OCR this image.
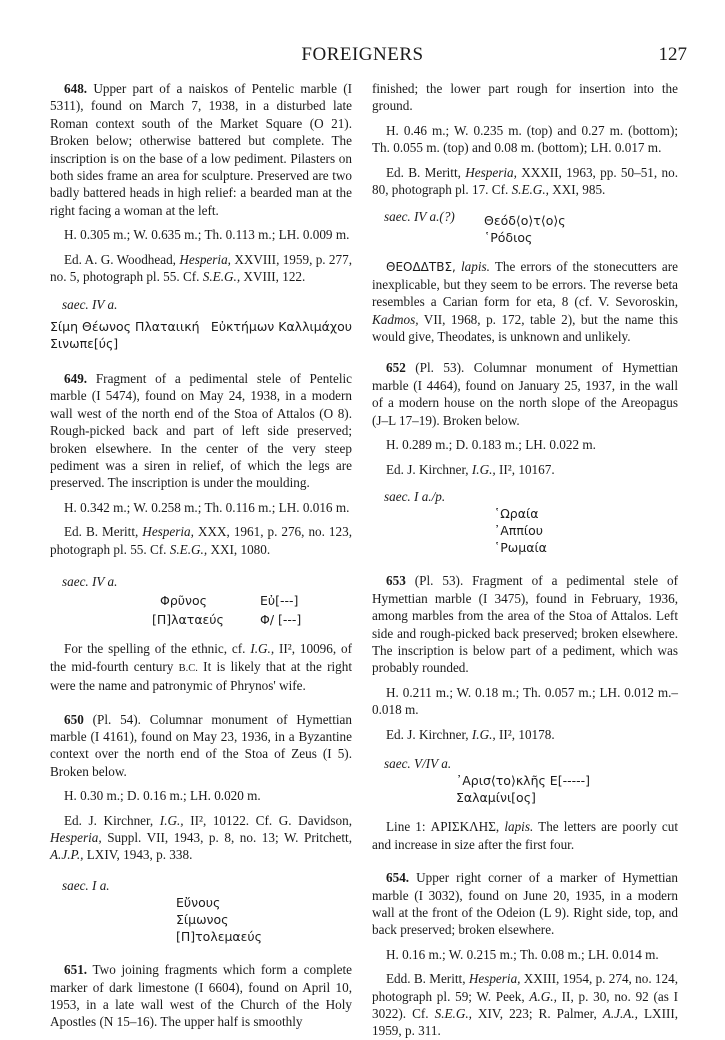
FOREIGNERS	127

648. Upper part of a naiskos of Pentelic marble (I 5311), found on March 7, 1938, in a disturbed late Roman context south of the Market Square (O 21). Broken below; otherwise battered but complete. The inscription is on the base of a low pediment. Pilasters on both sides frame an area for sculpture. Preserved are two badly battered heads in high relief: a bearded man at the right facing a woman at the left.

H. 0.305 m.; W. 0.635 m.; Th. 0.113 m.; LH. 0.009 m.

Ed. A. G. Woodhead, Hesperia, XXVIII, 1959, p. 277, no. 5, photograph pl. 55. Cf. S.E.G., XVIII, 122.

saec. IV a.

Σίμη Θέωνος Πλαταιική Εὐκτήμων Καλλιμάχου
Σινωπε[ύς]

649. Fragment of a pedimental stele of Pentelic marble (I 5474), found on May 24, 1938, in a modern wall west of the north end of the Stoa of Attalos (O 8). Rough-picked back and part of left side preserved; broken elsewhere. In the center of the very steep pediment was a siren in relief, of which the legs are preserved. The inscription is under the moulding.

H. 0.342 m.; W. 0.258 m.; Th. 0.116 m.; LH. 0.016 m.

Ed. B. Meritt, Hesperia, XXX, 1961, p. 276, no. 123, photograph pl. 55. Cf. S.E.G., XXI, 1080.

saec. IV a.

Φρῦνος	Εὐ[---]
[Π]λαταεύς	Φ/ [---]

For the spelling of the ethnic, cf. I.G., II², 10096, of the mid-fourth century B.C. It is likely that at the right were the name and patronymic of Phrynos' wife.

650 (Pl. 54). Columnar monument of Hymettian marble (I 4161), found on May 23, 1936, in a Byzantine context over the north end of the Stoa of Zeus (I 5). Broken below.

H. 0.30 m.; D. 0.16 m.; LH. 0.020 m.

Ed. J. Kirchner, I.G., II², 10122. Cf. G. Davidson, Hesperia, Suppl. VII, 1943, p. 8, no. 13; W. Pritchett, A.J.P., LXIV, 1943, p. 338.

saec. I a.

Εὔνους
Σίμωνος
[Π]τολεμαεύς

651. Two joining fragments which form a complete marker of dark limestone (I 6604), found on April 10, 1953, in a late wall west of the Church of the Holy Apostles (N 15–16). The upper half is smoothly

finished; the lower part rough for insertion into the ground.

H. 0.46 m.; W. 0.235 m. (top) and 0.27 m. (bottom); Th. 0.055 m. (top) and 0.08 m. (bottom); LH. 0.017 m.

Ed. B. Meritt, Hesperia, XXXII, 1963, pp. 50–51, no. 80, photograph pl. 17. Cf. S.E.G., XXI, 985.

saec. IV a.(?)	Θεόδ⟨ο⟩τ⟨ο⟩ς
῾Ρόδιος

ΘΕΟΔΔΤΒΣ, lapis. The errors of the stonecutters are inexplicable, but they seem to be errors. The reverse beta resembles a Carian form for eta, 8 (cf. V. Sevoroskin, Kadmos, VII, 1968, p. 172, table 2), but the name this would give, Theodates, is unknown and unlikely.

652 (Pl. 53). Columnar monument of Hymettian marble (I 4464), found on January 25, 1937, in the wall of a modern house on the north slope of the Areopagus (J–L 17–19). Broken below.

H. 0.289 m.; D. 0.183 m.; LH. 0.022 m.

Ed. J. Kirchner, I.G., II², 10167.

saec. I a./p.

῾Ωραία
᾿Αππίου
῾Ρωμαία

653 (Pl. 53). Fragment of a pedimental stele of Hymettian marble (I 3475), found in February, 1936, among marbles from the area of the Stoa of Attalos. Left side and rough-picked back preserved; broken elsewhere. The inscription is below part of a pediment, which was probably rounded.

H. 0.211 m.; W. 0.18 m.; Th. 0.057 m.; LH. 0.012 m.–0.018 m.

Ed. J. Kirchner, I.G., II², 10178.

saec. V/IV a.

᾿Αρισ⟨το⟩κλῆς Ε[-----]
Σαλαμίνι[ος]

Line 1: ΑΡΙΣΚΛΗΣ, lapis. The letters are poorly cut and increase in size after the first four.

654. Upper right corner of a marker of Hymettian marble (I 3032), found on June 20, 1935, in a modern wall at the front of the Odeion (L 9). Right side, top, and back preserved; broken elsewhere.

H. 0.16 m.; W. 0.215 m.; Th. 0.08 m.; LH. 0.014 m.

Edd. B. Meritt, Hesperia, XXIII, 1954, p. 274, no. 124, photograph pl. 59; W. Peek, A.G., II, p. 30, no. 92 (as I 3022). Cf. S.E.G., XIV, 223; R. Palmer, A.J.A., LXIII, 1959, p. 311.
